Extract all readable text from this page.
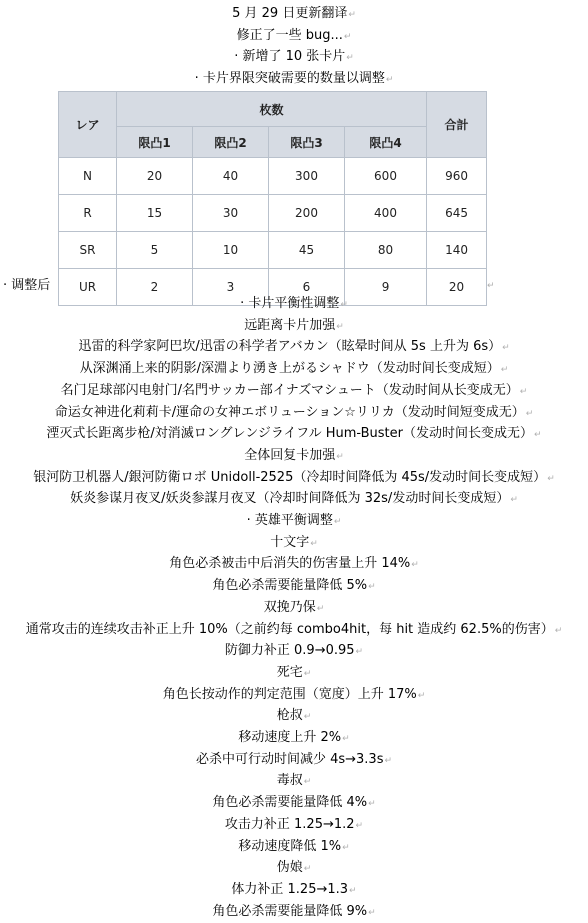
5 月 29 日更新翻译↵
修正了一些 bug...↵
· 新增了 10 张卡片↵
· 卡片界限突破需要的数量以调整↵
レア	枚数				合計
	限凸1	限凸2	限凸3	限凸4	
N	20	40	300	600	960
R	15	30	200	400	645
SR	5	10	45	80	140
UR	2	3	6	9	20
· 调整后	↵
· 卡片平衡性调整↵
远距离卡片加强↵
迅雷的科学家阿巴坎/迅雷の科学者アバカン（眩晕时间从 5s 上升为 6s）↵
从深渊涌上来的阴影/深淵より湧き上がるシャドウ（发动时间长变成短）↵
名门足球部闪电射门/名門サッカー部イナズマシュート（发动时间从长变成无）↵
命运女神进化莉莉卡/運命の女神エボリューション☆リリカ（发动时间短变成无）↵
湮灭式长距离步枪/対消滅ロングレンジライフル Hum-Buster（发动时间长变成无）↵
全体回复卡加强↵
银河防卫机器人/銀河防衛ロボ Unidoll-2525（冷却时间降低为 45s/发动时间长变成短）↵
妖炎参谋月夜叉/妖炎参謀月夜叉（冷却时间降低为 32s/发动时间长变成短）↵
· 英雄平衡调整↵
十文字↵
角色必杀被击中后消失的伤害量上升 14%↵
角色必杀需要能量降低 5%↵
双挽乃保↵
通常攻击的连续攻击补正上升 10%（之前约每 combo4hit，每 hit 造成约 62.5%的伤害）↵
防御力补正 0.9→0.95↵
死宅↵
角色长按动作的判定范围（宽度）上升 17%↵
枪叔↵
移动速度上升 2%↵
必杀中可行动时间减少 4s→3.3s↵
毒叔↵
角色必杀需要能量降低 4%↵
攻击力补正 1.25→1.2↵
移动速度降低 1%↵
伪娘↵
体力补正 1.25→1.3↵
角色必杀需要能量降低 9%↵
